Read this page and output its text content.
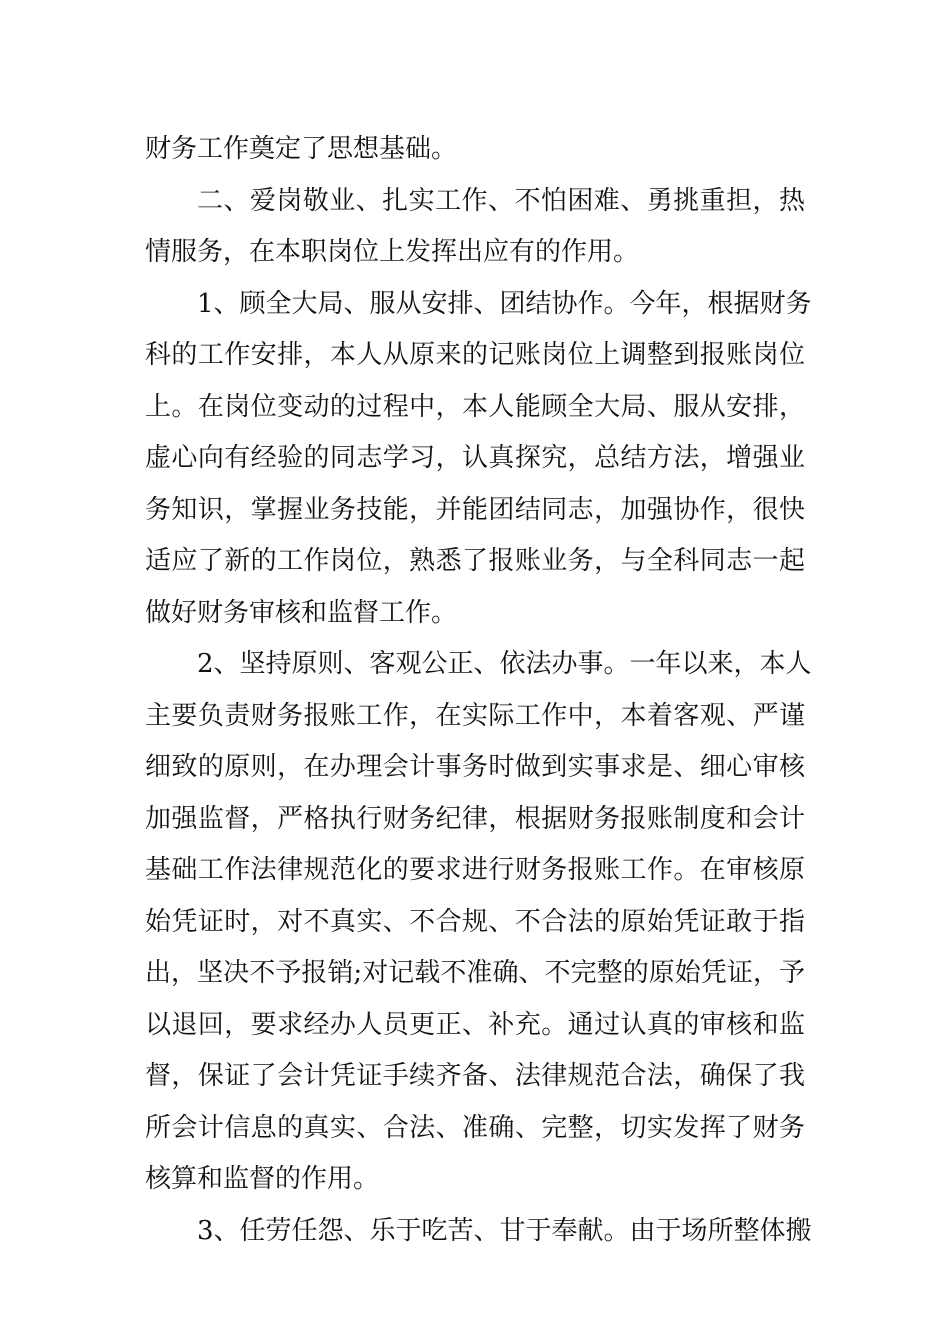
财务工作奠定了思想基础。
二、爱岗敬业、扎实工作、不怕困难、勇挑重担，热
情服务，在本职岗位上发挥出应有的作用。
1、顾全大局、服从安排、团结协作。今年，根据财务
科的工作安排，本人从原来的记账岗位上调整到报账岗位
上。在岗位变动的过程中，本人能顾全大局、服从安排，
虚心向有经验的同志学习，认真探究，总结方法，增强业
务知识，掌握业务技能，并能团结同志，加强协作，很快
适应了新的工作岗位，熟悉了报账业务，与全科同志一起
做好财务审核和监督工作。
2、坚持原则、客观公正、依法办事。一年以来，本人
主要负责财务报账工作，在实际工作中，本着客观、严谨
细致的原则，在办理会计事务时做到实事求是、细心审核
加强监督，严格执行财务纪律，根据财务报账制度和会计
基础工作法律规范化的要求进行财务报账工作。在审核原
始凭证时，对不真实、不合规、不合法的原始凭证敢于指
出，坚决不予报销;对记载不准确、不完整的原始凭证，予
以退回，要求经办人员更正、补充。通过认真的审核和监
督，保证了会计凭证手续齐备、法律规范合法，确保了我
所会计信息的真实、合法、准确、完整，切实发挥了财务
核算和监督的作用。
3、任劳任怨、乐于吃苦、甘于奉献。由于场所整体搬
